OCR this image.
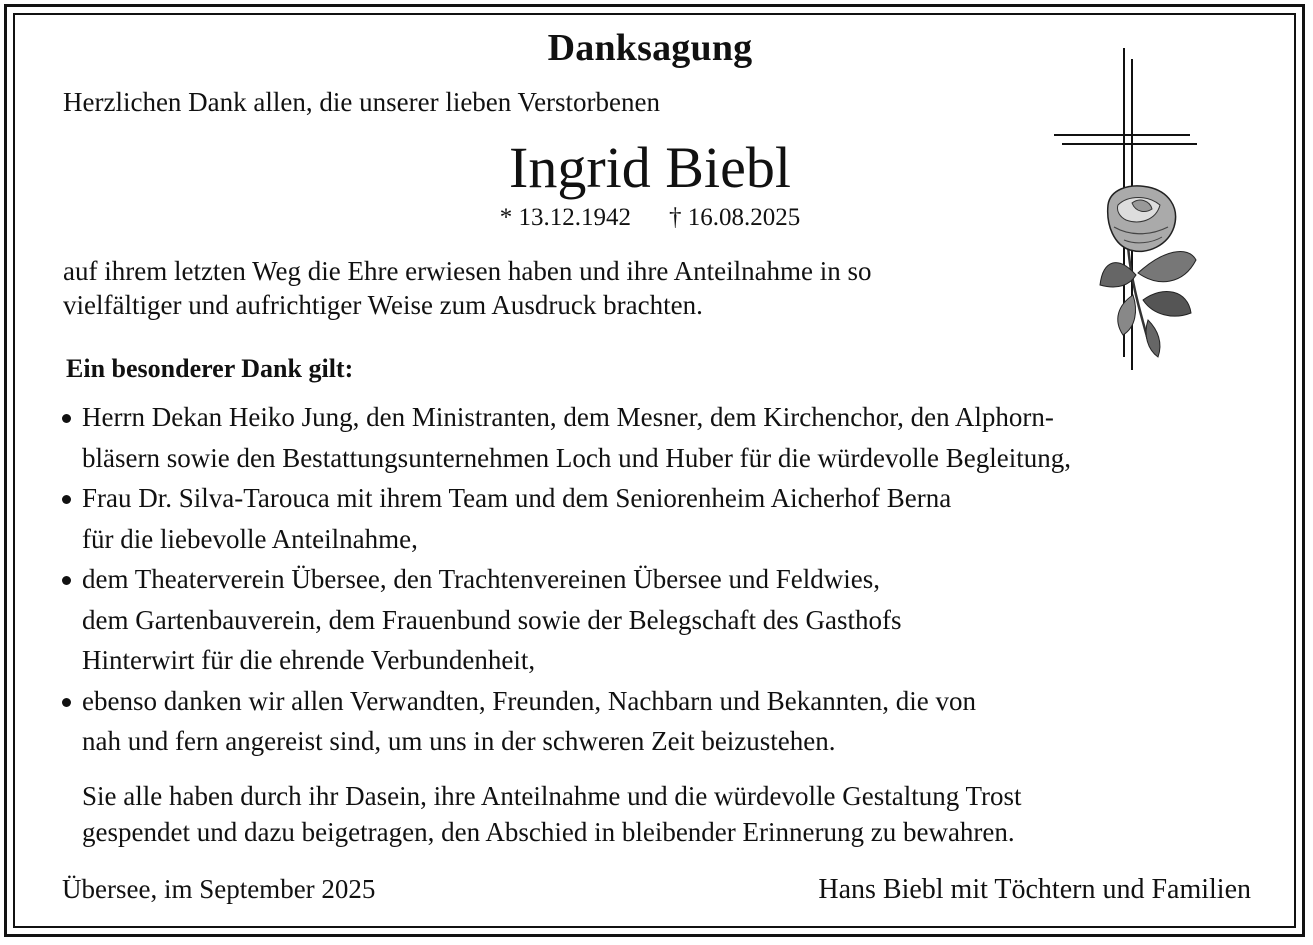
Danksagung
Herzlichen Dank allen, die unserer lieben Verstorbenen
Ingrid Biebl
* 13.12.1942 † 16.08.2025
auf ihrem letzten Weg die Ehre erwiesen haben und ihre Anteilnahme in so
vielfältiger und aufrichtiger Weise zum Ausdruck brachten.
Ein besonderer Dank gilt:
Herrn Dekan Heiko Jung, den Ministranten, dem Mesner, dem Kirchenchor, den Alphorn-
bläsern sowie den Bestattungsunternehmen Loch und Huber für die würdevolle Begleitung,
Frau Dr. Silva-Tarouca mit ihrem Team und dem Seniorenheim Aicherhof Berna
für die liebevolle Anteilnahme,
dem Theaterverein Übersee, den Trachtenvereinen Übersee und Feldwies,
dem Gartenbauverein, dem Frauenbund sowie der Belegschaft des Gasthofs
Hinterwirt für die ehrende Verbundenheit,
ebenso danken wir allen Verwandten, Freunden, Nachbarn und Bekannten, die von
nah und fern angereist sind, um uns in der schweren Zeit beizustehen.
Sie alle haben durch ihr Dasein, ihre Anteilnahme und die würdevolle Gestaltung Trost
gespendet und dazu beigetragen, den Abschied in bleibender Erinnerung zu bewahren.
Übersee, im September 2025	Hans Biebl mit Töchtern und Familien
